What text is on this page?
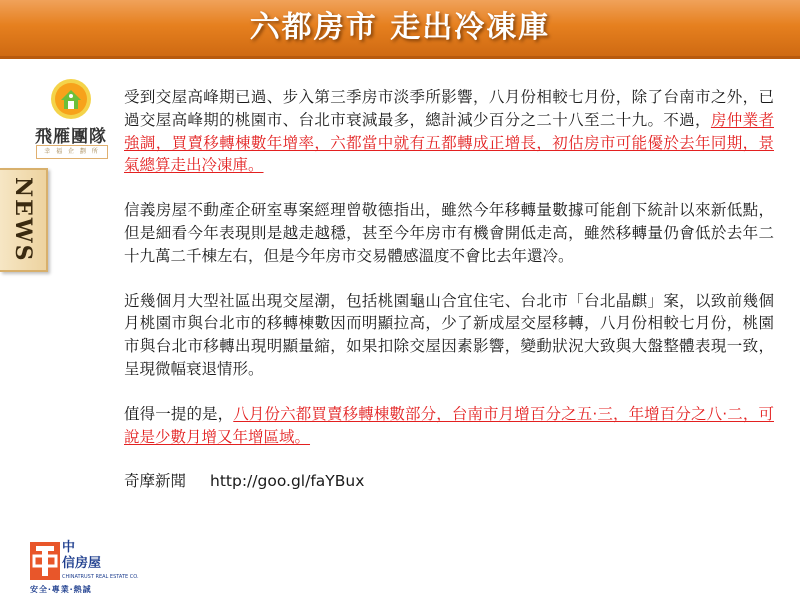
六都房市 走出冷凍庫
飛雁團隊
幸 福 企 劃 所
NEWS

受到交屋高峰期已過、步入第三季房市淡季所影響，八月份相較七月份，除了台南市之外，已過交屋高峰期的桃園市、台北市衰減最多，總計減少百分之二十八至二十九。不過，房仲業者強調，買賣移轉棟數年增率，六都當中就有五都轉成正增長，初估房市可能優於去年同期，景氣總算走出冷凍庫。

信義房屋不動產企研室專案經理曾敬德指出，雖然今年移轉量數據可能創下統計以來新低點，但是細看今年表現則是越走越穩，甚至今年房市有機會開低走高，雖然移轉量仍會低於去年二十九萬二千棟左右，但是今年房市交易體感溫度不會比去年還冷。

近幾個月大型社區出現交屋潮，包括桃園龜山合宜住宅、台北市「台北晶麒」案，以致前幾個月桃園市與台北市的移轉棟數因而明顯拉高，少了新成屋交屋移轉，八月份相較七月份，桃園市與台北市移轉出現明顯量縮，如果扣除交屋因素影響，變動狀況大致與大盤整體表現一致，呈現微幅衰退情形。

值得一提的是，八月份六都買賣移轉棟數部分，台南市月增百分之五‧三，年增百分之八‧二，可說是少數月增又年增區域。

奇摩新聞 http://goo.gl/faYBux

中
信房屋
CHINATRUST REAL ESTATE CO.
安全‧專業‧熱誠
